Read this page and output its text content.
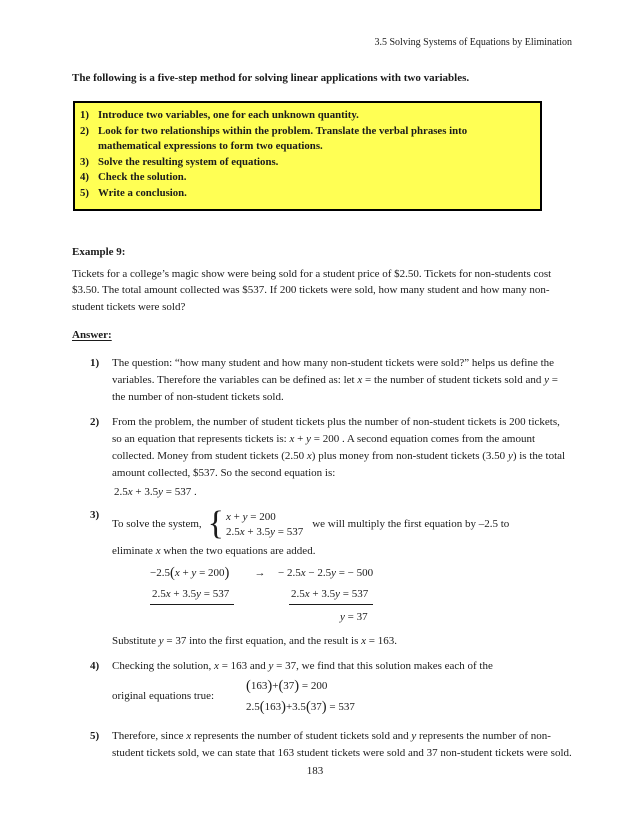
3.5 Solving Systems of Equations by Elimination
The following is a five-step method for solving linear applications with two variables.
1) Introduce two variables, one for each unknown quantity.
2) Look for two relationships within the problem. Translate the verbal phrases into mathematical expressions to form two equations.
3) Solve the resulting system of equations.
4) Check the solution.
5) Write a conclusion.
Example 9:
Tickets for a college’s magic show were being sold for a student price of $2.50. Tickets for non-students cost $3.50. The total amount collected was $537. If 200 tickets were sold, how many student and how many non-student tickets were sold?
Answer:
1)	The question: “how many student and how many non-student tickets were sold?” helps us define the variables. Therefore the variables can be defined as: let x = the number of student tickets sold and y = the number of non-student tickets sold.
2)	From the problem, the number of student tickets plus the number of non-student tickets is 200 tickets, so an equation that represents tickets is: x + y = 200 . A second equation comes from the amount collected. Money from student tickets (2.50 x) plus money from non-student tickets (3.50 y) is the total amount collected, $537. So the second equation is:
2.5x + 3.5y = 537 .
3)
To solve the system, { x + y = 200
2.5x + 3.5y = 537
we will multiply the first equation by –2.5 to
eliminate x when the two equations are added.
−2.5(x + y = 200)	→	− 2.5x − 2.5y = − 500
2.5x + 3.5y = 537	2.5x + 3.5y = 537
y = 37
Substitute y = 37 into the first equation, and the result is x = 163.
4)	Checking the solution, x = 163 and y = 37, we find that this solution makes each of the
original equations true:
(163)+(37) = 200
2.5(163)+3.5(37) = 537
5)	Therefore, since x represents the number of student tickets sold and y represents the number of non-student tickets sold, we can state that 163 student tickets were sold and 37 non-student tickets were sold.
183
